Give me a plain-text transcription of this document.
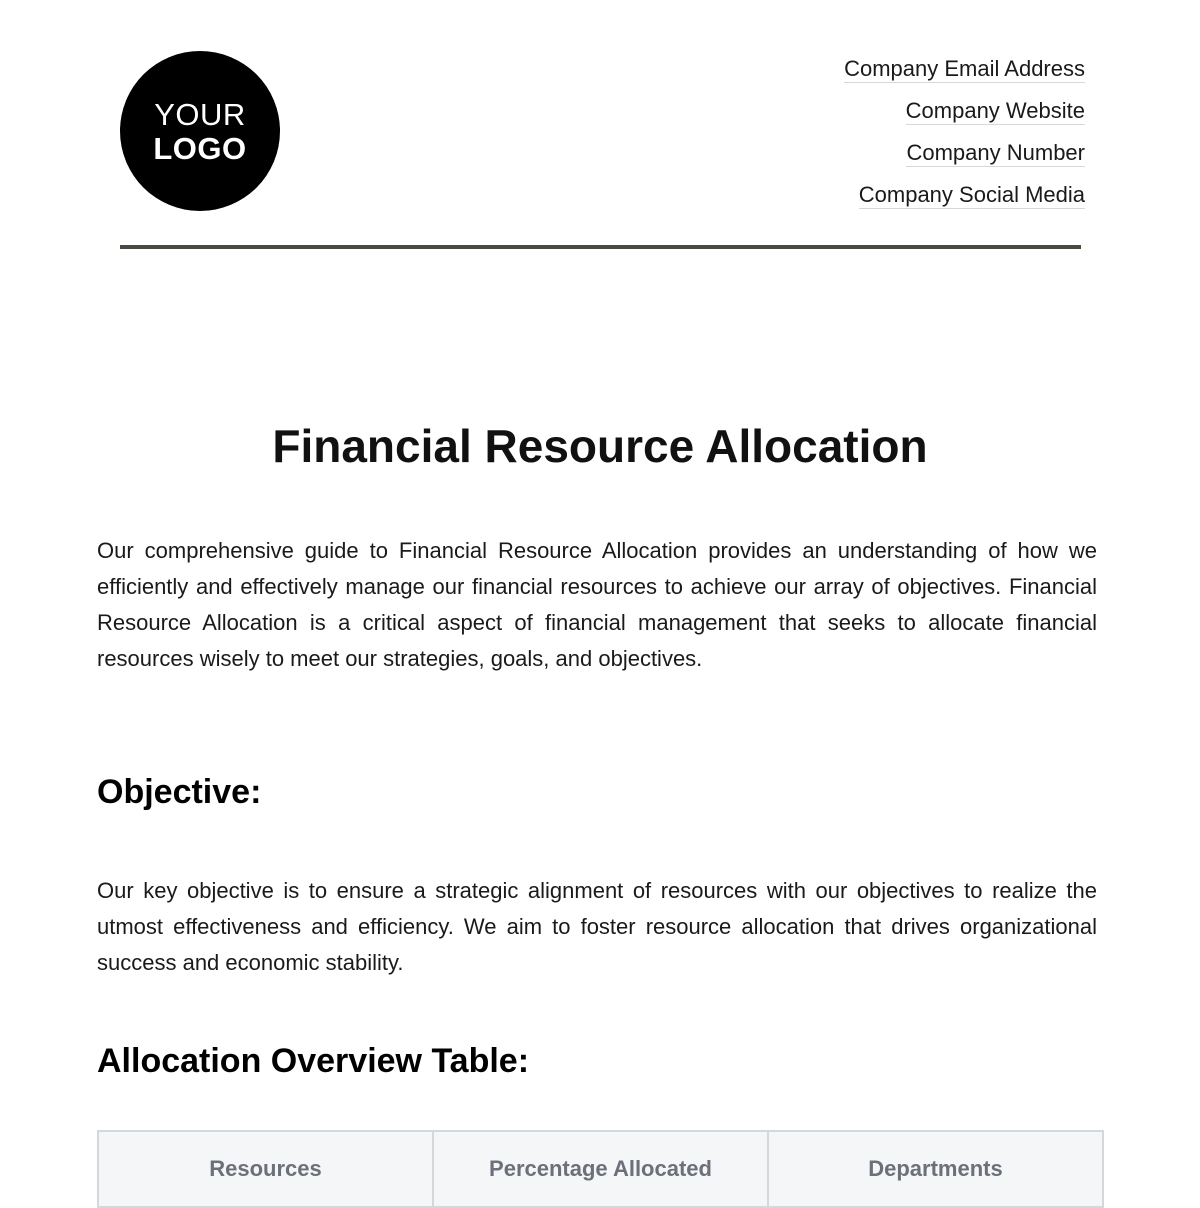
YOUR
LOGO
Company Email Address
Company Website
Company Number
Company Social Media
Financial Resource Allocation

Our comprehensive guide to Financial Resource Allocation provides an understanding of how we efficiently and effectively manage our financial resources to achieve our array of objectives. Financial Resource Allocation is a critical aspect of financial management that seeks to allocate financial resources wisely to meet our strategies, goals, and objectives.

Objective:

Our key objective is to ensure a strategic alignment of resources with our objectives to realize the utmost effectiveness and efficiency. We aim to foster resource allocation that drives organizational success and economic stability.

Allocation Overview Table:
Resources	Percentage Allocated	Departments
